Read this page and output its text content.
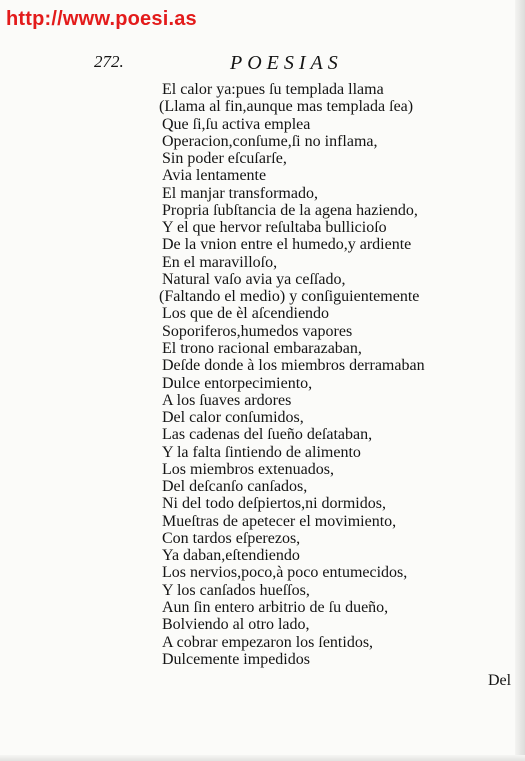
http://www.poesi.as
272.	POESIAS
El calor ya:pues ſu templada llama
(Llama al fin,aunque mas templada ſea)
Que ſi,ſu activa emplea
Operacion,conſume,ſi no inflama,
Sin poder eſcuſarſe,
Avia lentamente
El manjar transformado,
Propria ſubſtancia de la agena haziendo,
Y el que hervor reſultaba bullicioſo
De la vnion entre el humedo,y ardiente
En el maravilloſo,
Natural vaſo avia ya ceſſado,
(Faltando el medio) y conſiguientemente
Los que de èl aſcendiendo
Soporiferos,humedos vapores
El trono racional embarazaban,
Deſde donde à los miembros derramaban
Dulce entorpecimiento,
A los ſuaves ardores
Del calor conſumidos,
Las cadenas del ſueño deſataban,
Y la falta ſintiendo de alimento
Los miembros extenuados,
Del deſcanſo canſados,
Ni del todo deſpiertos,ni dormidos,
Mueſtras de apetecer el movimiento,
Con tardos eſperezos,
Ya daban,eſtendiendo
Los nervios,poco,à poco entumecidos,
Y los canſados hueſſos,
Aun ſin entero arbitrio de ſu dueño,
Bolviendo al otro lado,
A cobrar empezaron los ſentidos,
Dulcemente impedidos
Del
